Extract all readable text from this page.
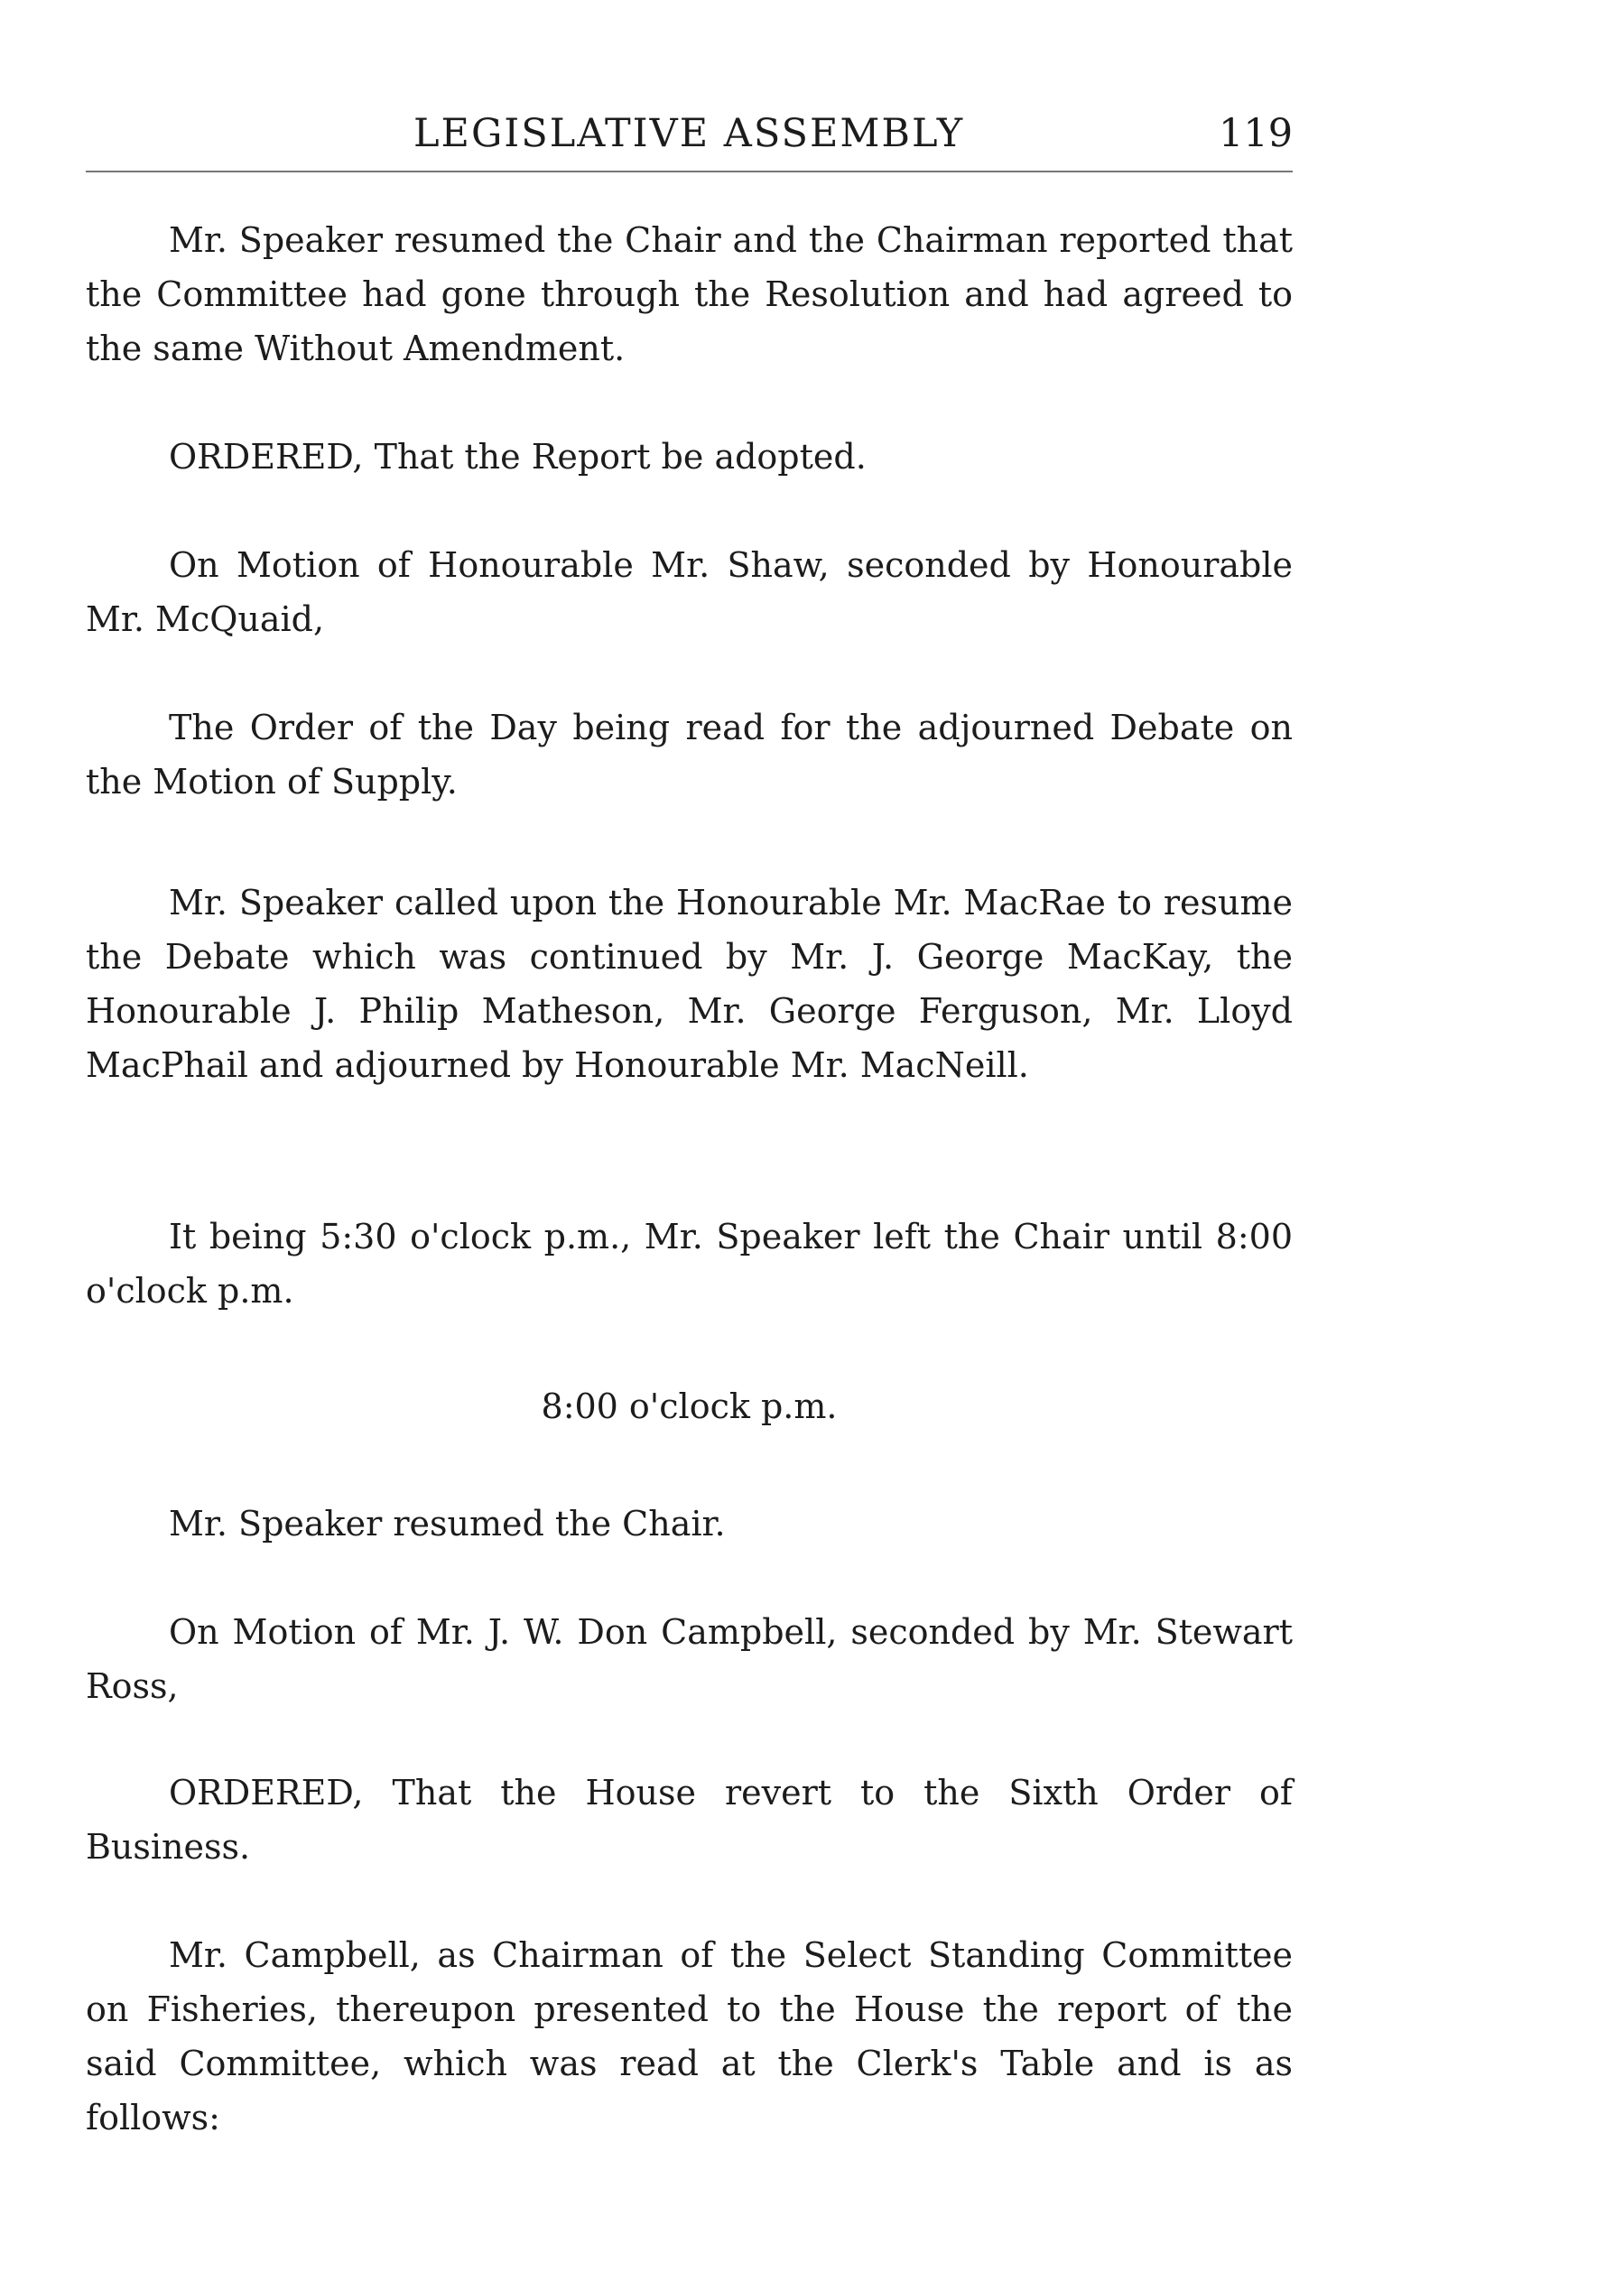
LEGISLATIVE ASSEMBLY	119

Mr. Speaker resumed the Chair and the Chairman reported that the Committee had gone through the Resolution and had agreed to the same Without Amendment.

ORDERED, That the Report be adopted.

On Motion of Honourable Mr. Shaw, seconded by Honourable Mr. McQuaid,

The Order of the Day being read for the adjourned Debate on the Motion of Supply.

Mr. Speaker called upon the Honourable Mr. MacRae to resume the Debate which was continued by Mr. J. George MacKay, the Honourable J. Philip Matheson, Mr. George Ferguson, Mr. Lloyd MacPhail and adjourned by Honourable Mr. MacNeill.

It being 5:30 o'clock p.m., Mr. Speaker left the Chair until 8:00 o'clock p.m.

8:00 o'clock p.m.

Mr. Speaker resumed the Chair.

On Motion of Mr. J. W. Don Campbell, seconded by Mr. Stewart Ross,

ORDERED, That the House revert to the Sixth Order of Business.

Mr. Campbell, as Chairman of the Select Standing Committee on Fisheries, thereupon presented to the House the report of the said Committee, which was read at the Clerk's Table and is as follows:
